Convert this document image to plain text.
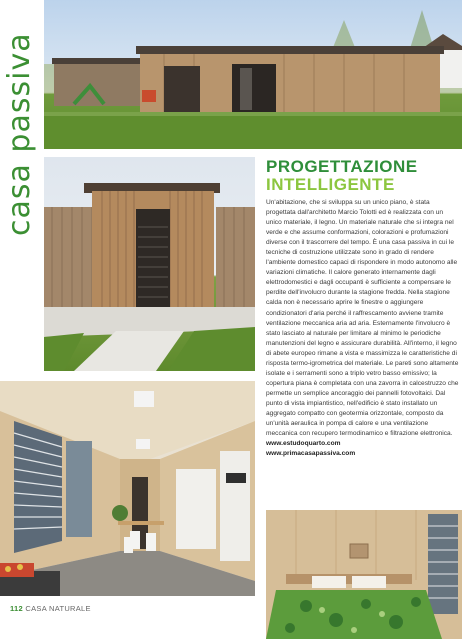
casa passiva	PROGETTAZIONE
INTELLIGENTE

Un'abitazione, che si sviluppa su un unico piano, è stata progettata dall'architetto Marcio Tolotti ed è realizzata con un unico materiale, il legno. Un materiale naturale che si integra nel verde e che assume conformazioni, colorazioni e profumazioni diverse con il trascorrere del tempo. È una casa passiva in cui le tecniche di costruzione utilizzate sono in grado di rendere l'ambiente domestico capaci di rispondere in modo autonomo alle variazioni climatiche. Il calore generato internamente dagli elettrodomestici e dagli occupanti è sufficiente a compensare le perdite dell'involucro durante la stagione fredda. Nella stagione calda non è necessario aprire le finestre o aggiungere condizionatori d'aria perché il raffrescamento avviene tramite ventilazione meccanica aria ad aria. Esternamente l'involucro è stato lasciato al naturale per limitare al minimo le periodiche manutenzioni del legno e assicurare durabilità. All'interno, il legno di abete europeo rimane a vista e massimizza le caratteristiche di risposta termo-igrometrica del materiale. Le pareti sono altamente isolate e i serramenti sono a triplo vetro basso emissivo; la copertura piana è completata con una zavorra in calcestruzzo che permette un semplice ancoraggio dei pannelli fotovoltaici. Dal punto di vista impiantistico, nell'edificio è stato installato un aggregato compatto con geotermia orizzontale, composto da un'unità aeraulica in pompa di calore e una ventilazione meccanica con recupero termodinamico e filtrazione elettronica.

www.estudoquarto.com

www.primacasapassiva.com

112 CASA NATURALE
